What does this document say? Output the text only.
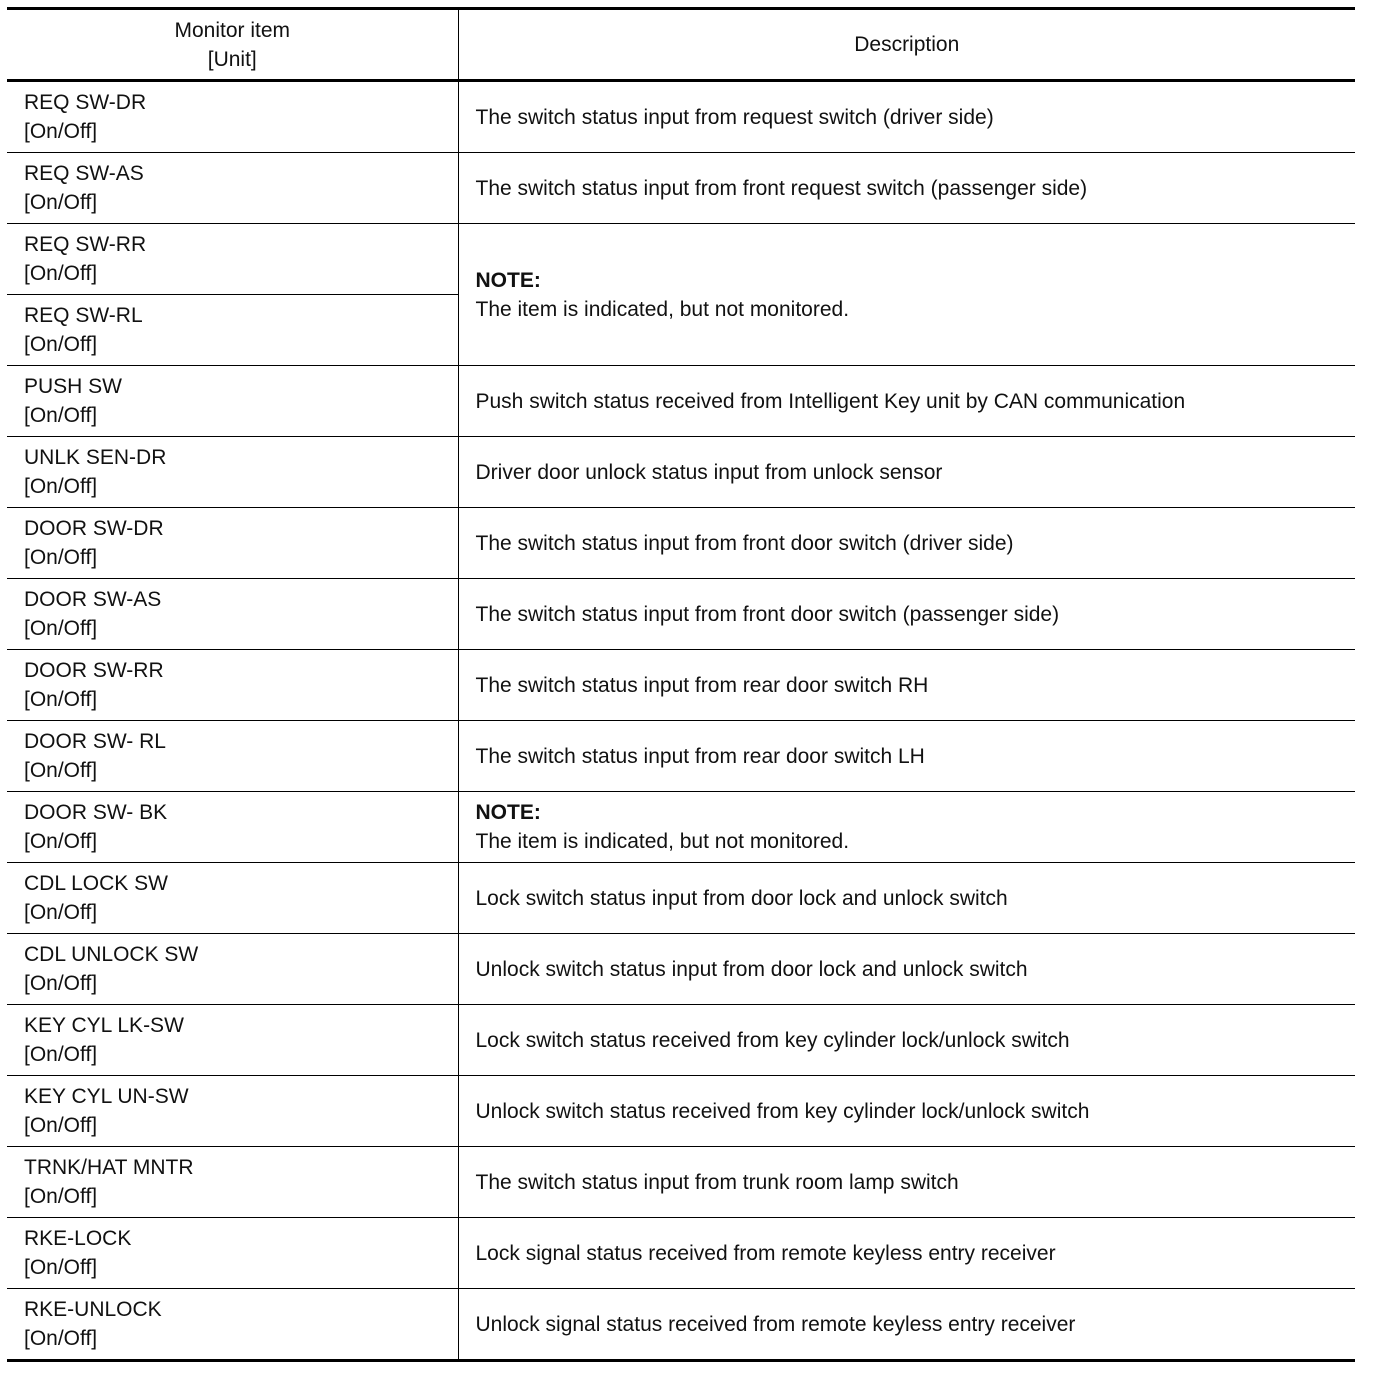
Monitor item
[Unit]	Description

REQ SW-DR
[On/Off]	The switch status input from request switch (driver side)

REQ SW-AS
[On/Off]	The switch status input from front request switch (passenger side)

REQ SW-RR
[On/Off]	NOTE:
The item is indicated, but not monitored.

REQ SW-RL
[On/Off]	

PUSH SW
[On/Off]	Push switch status received from Intelligent Key unit by CAN communication

UNLK SEN-DR
[On/Off]	Driver door unlock status input from unlock sensor

DOOR SW-DR
[On/Off]	The switch status input from front door switch (driver side)

DOOR SW-AS
[On/Off]	The switch status input from front door switch (passenger side)

DOOR SW-RR
[On/Off]	The switch status input from rear door switch RH

DOOR SW- RL
[On/Off]	The switch status input from rear door switch LH

DOOR SW- BK
[On/Off]	NOTE:
The item is indicated, but not monitored.

CDL LOCK SW
[On/Off]	Lock switch status input from door lock and unlock switch

CDL UNLOCK SW
[On/Off]	Unlock switch status input from door lock and unlock switch

KEY CYL LK-SW
[On/Off]	Lock switch status received from key cylinder lock/unlock switch

KEY CYL UN-SW
[On/Off]	Unlock switch status received from key cylinder lock/unlock switch

TRNK/HAT MNTR
[On/Off]	The switch status input from trunk room lamp switch

RKE-LOCK
[On/Off]	Lock signal status received from remote keyless entry receiver

RKE-UNLOCK
[On/Off]	Unlock signal status received from remote keyless entry receiver
